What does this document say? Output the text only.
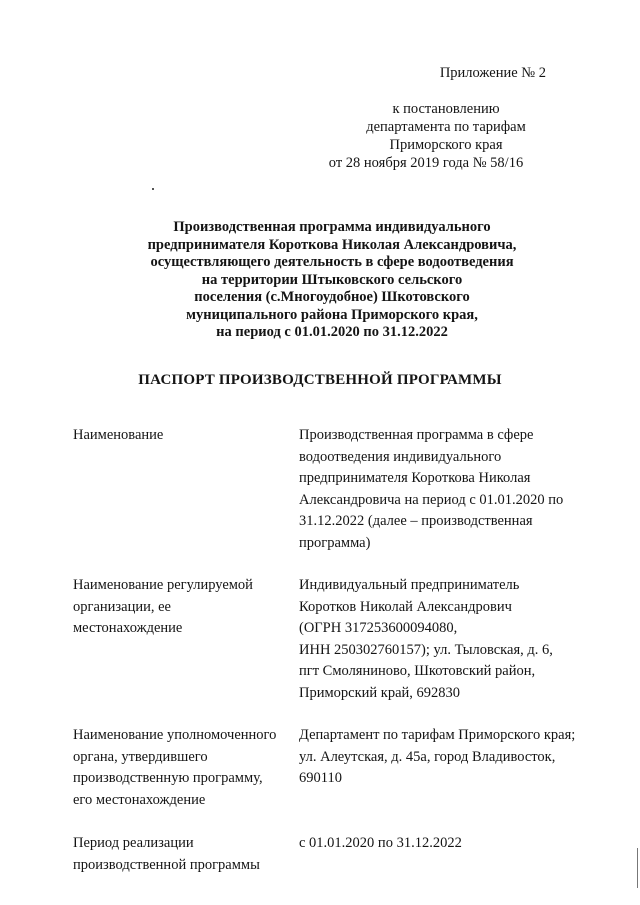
Приложение № 2
к постановлению
департамента по тарифам
Приморского края
от 28 ноября 2019 года № 58/16
Производственная программа индивидуального
предпринимателя Короткова Николая Александровича,
осуществляющего деятельность в сфере водоотведения
на территории Штыковского сельского
поселения (с.Многоудобное) Шкотовского
муниципального района Приморского края,
на период с 01.01.2020 по 31.12.2022
ПАСПОРТ ПРОИЗВОДСТВЕННОЙ ПРОГРАММЫ
Наименование	Производственная программа в сфере
водоотведения индивидуального
предпринимателя Короткова Николая
Александровича на период с 01.01.2020 по
31.12.2022 (далее – производственная
программа)
Наименование регулируемой
организации, ее
местонахождение
Индивидуальный предприниматель
Коротков Николай Александрович
(ОГРН 317253600094080,
ИНН 250302760157); ул. Тыловская, д. 6,
пгт Смолянинoво, Шкотовский район,
Приморский край, 692830
Наименование уполномоченного
органа, утвердившего
производственную программу,
его местонахождение
Департамент по тарифам Приморского края;
ул. Алеутская, д. 45а, город Владивосток,
690110
Период реализации
производственной программы
с 01.01.2020 по 31.12.2022
